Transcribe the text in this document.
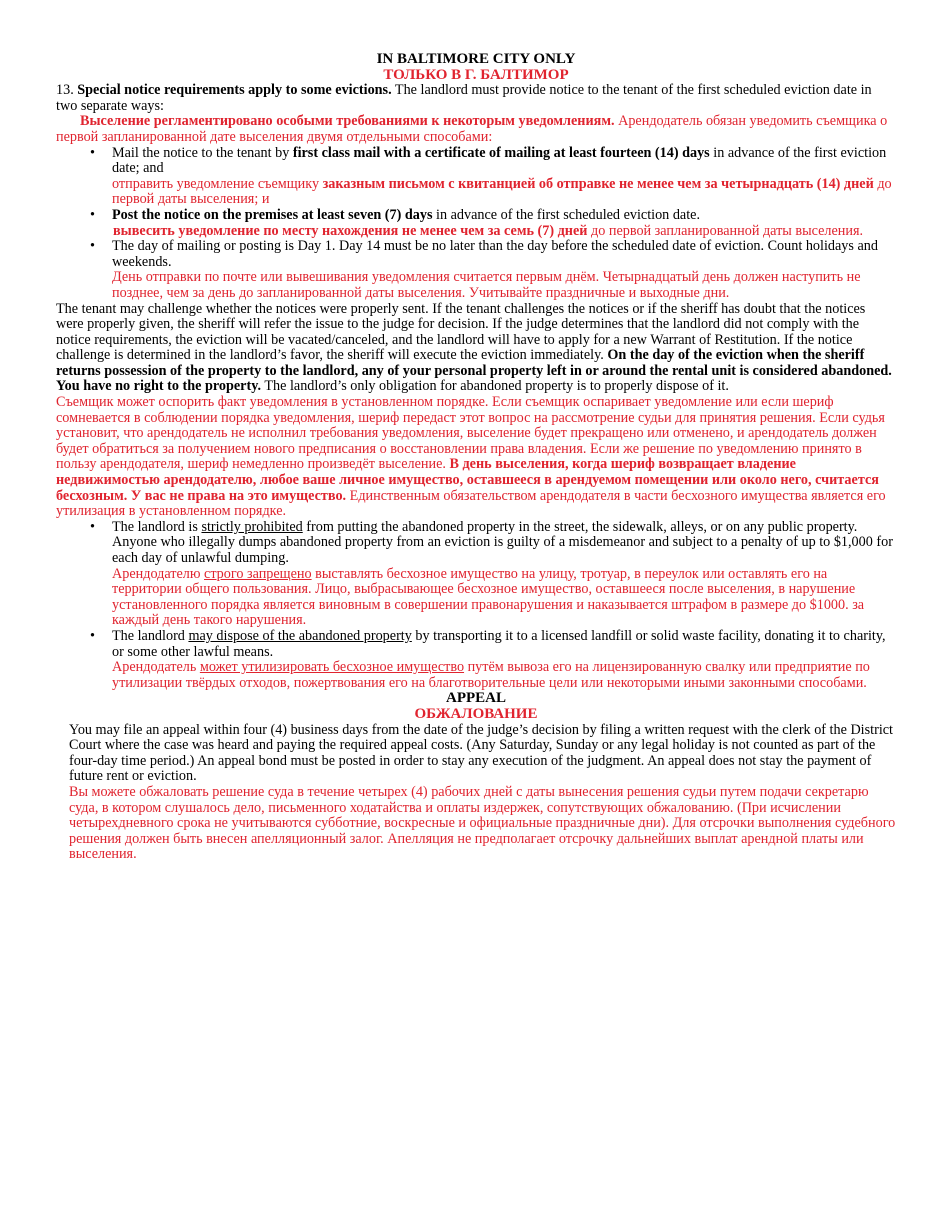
IN BALTIMORE CITY ONLY
ТОЛЬКО В Г. БАЛТИМОР
13. Special notice requirements apply to some evictions. The landlord must provide notice to the tenant of the first scheduled eviction date in two separate ways:
Выселение регламентировано особыми требованиями к некоторым уведомлениям. Арендодатель обязан уведомить съемщика о первой запланированной дате выселения двумя отдельными способами:
• Mail the notice to the tenant by first class mail with a certificate of mailing at least fourteen (14) days in advance of the first eviction date; and
отправить уведомление съемщику заказным письмом с квитанцией об отправке не менее чем за четырнадцать (14) дней до первой даты выселения; и
• Post the notice on the premises at least seven (7) days in advance of the first scheduled eviction date.
вывесить уведомление по месту нахождения не менее чем за семь (7) дней до первой запланированной даты выселения.
• The day of mailing or posting is Day 1. Day 14 must be no later than the day before the scheduled date of eviction. Count holidays and weekends.
День отправки по почте или вывешивания уведомления считается первым днём. Четырнадцатый день должен наступить не позднее, чем за день до запланированной даты выселения. Учитывайте праздничные и выходные дни.
The tenant may challenge whether the notices were properly sent. If the tenant challenges the notices or if the sheriff has doubt that the notices were properly given, the sheriff will refer the issue to the judge for decision. If the judge determines that the landlord did not comply with the notice requirements, the eviction will be vacated/canceled, and the landlord will have to apply for a new Warrant of Restitution. If the notice challenge is determined in the landlord’s favor, the sheriff will execute the eviction immediately. On the day of the eviction when the sheriff returns possession of the property to the landlord, any of your personal property left in or around the rental unit is considered abandoned. You have no right to the property. The landlord’s only obligation for abandoned property is to properly dispose of it.
Съемщик может оспорить факт уведомления в установленном порядке. Если съемщик оспаривает уведомление или если шериф сомневается в соблюдении порядка уведомления, шериф передаст этот вопрос на рассмотрение судьи для принятия решения. Если судья установит, что арендодатель не исполнил требования уведомления, выселение будет прекращено или отменено, и арендодатель должен будет обратиться за получением нового предписания о восстановлении права владения. Если же решение по уведомлению принято в пользу арендодателя, шериф немедленно произведёт выселение. В день выселения, когда шериф возвращает владение недвижимостью арендодателю, любое ваше личное имущество, оставшееся в арендуемом помещении или около него, считается бесхозным. У вас не права на это имущество. Единственным обязательством арендодателя в части бесхозного имущества является его утилизация в установленном порядке.
• The landlord is strictly prohibited from putting the abandoned property in the street, the sidewalk, alleys, or on any public property. Anyone who illegally dumps abandoned property from an eviction is guilty of a misdemeanor and subject to a penalty of up to $1,000 for each day of unlawful dumping.
Арендодателю строго запрещено выставлять бесхозное имущество на улицу, тротуар, в переулок или оставлять его на территории общего пользования. Лицо, выбрасывающее бесхозное имущество, оставшееся после выселения, в нарушение установленного порядка является виновным в совершении правонарушения и наказывается штрафом в размере до $1000. за каждый день такого нарушения.
• The landlord may dispose of the abandoned property by transporting it to a licensed landfill or solid waste facility, donating it to charity, or some other lawful means.
Арендодатель может утилизировать бесхозное имущество путём вывоза его на лицензированную свалку или предприятие по утилизации твёрдых отходов, пожертвования его на благотворительные цели или некоторыми иными законными способами.
APPEAL
ОБЖАЛОВАНИЕ
You may file an appeal within four (4) business days from the date of the judge’s decision by filing a written request with the clerk of the District Court where the case was heard and paying the required appeal costs. (Any Saturday, Sunday or any legal holiday is not counted as part of the four-day time period.) An appeal bond must be posted in order to stay any execution of the judgment. An appeal does not stay the payment of future rent or eviction.
Вы можете обжаловать решение суда в течение четырех (4) рабочих дней с даты вынесения решения судьи путем подачи секретарю суда, в котором слушалось дело, письменного ходатайства и оплаты издержек, сопутствующих обжалованию. (При исчислении четырехдневного срока не учитываются субботние, воскресные и официальные праздничные дни). Для отсрочки выполнения судебного решения должен быть внесен апелляционный залог. Апелляция не предполагает отсрочку дальнейших выплат арендной платы или выселения.
